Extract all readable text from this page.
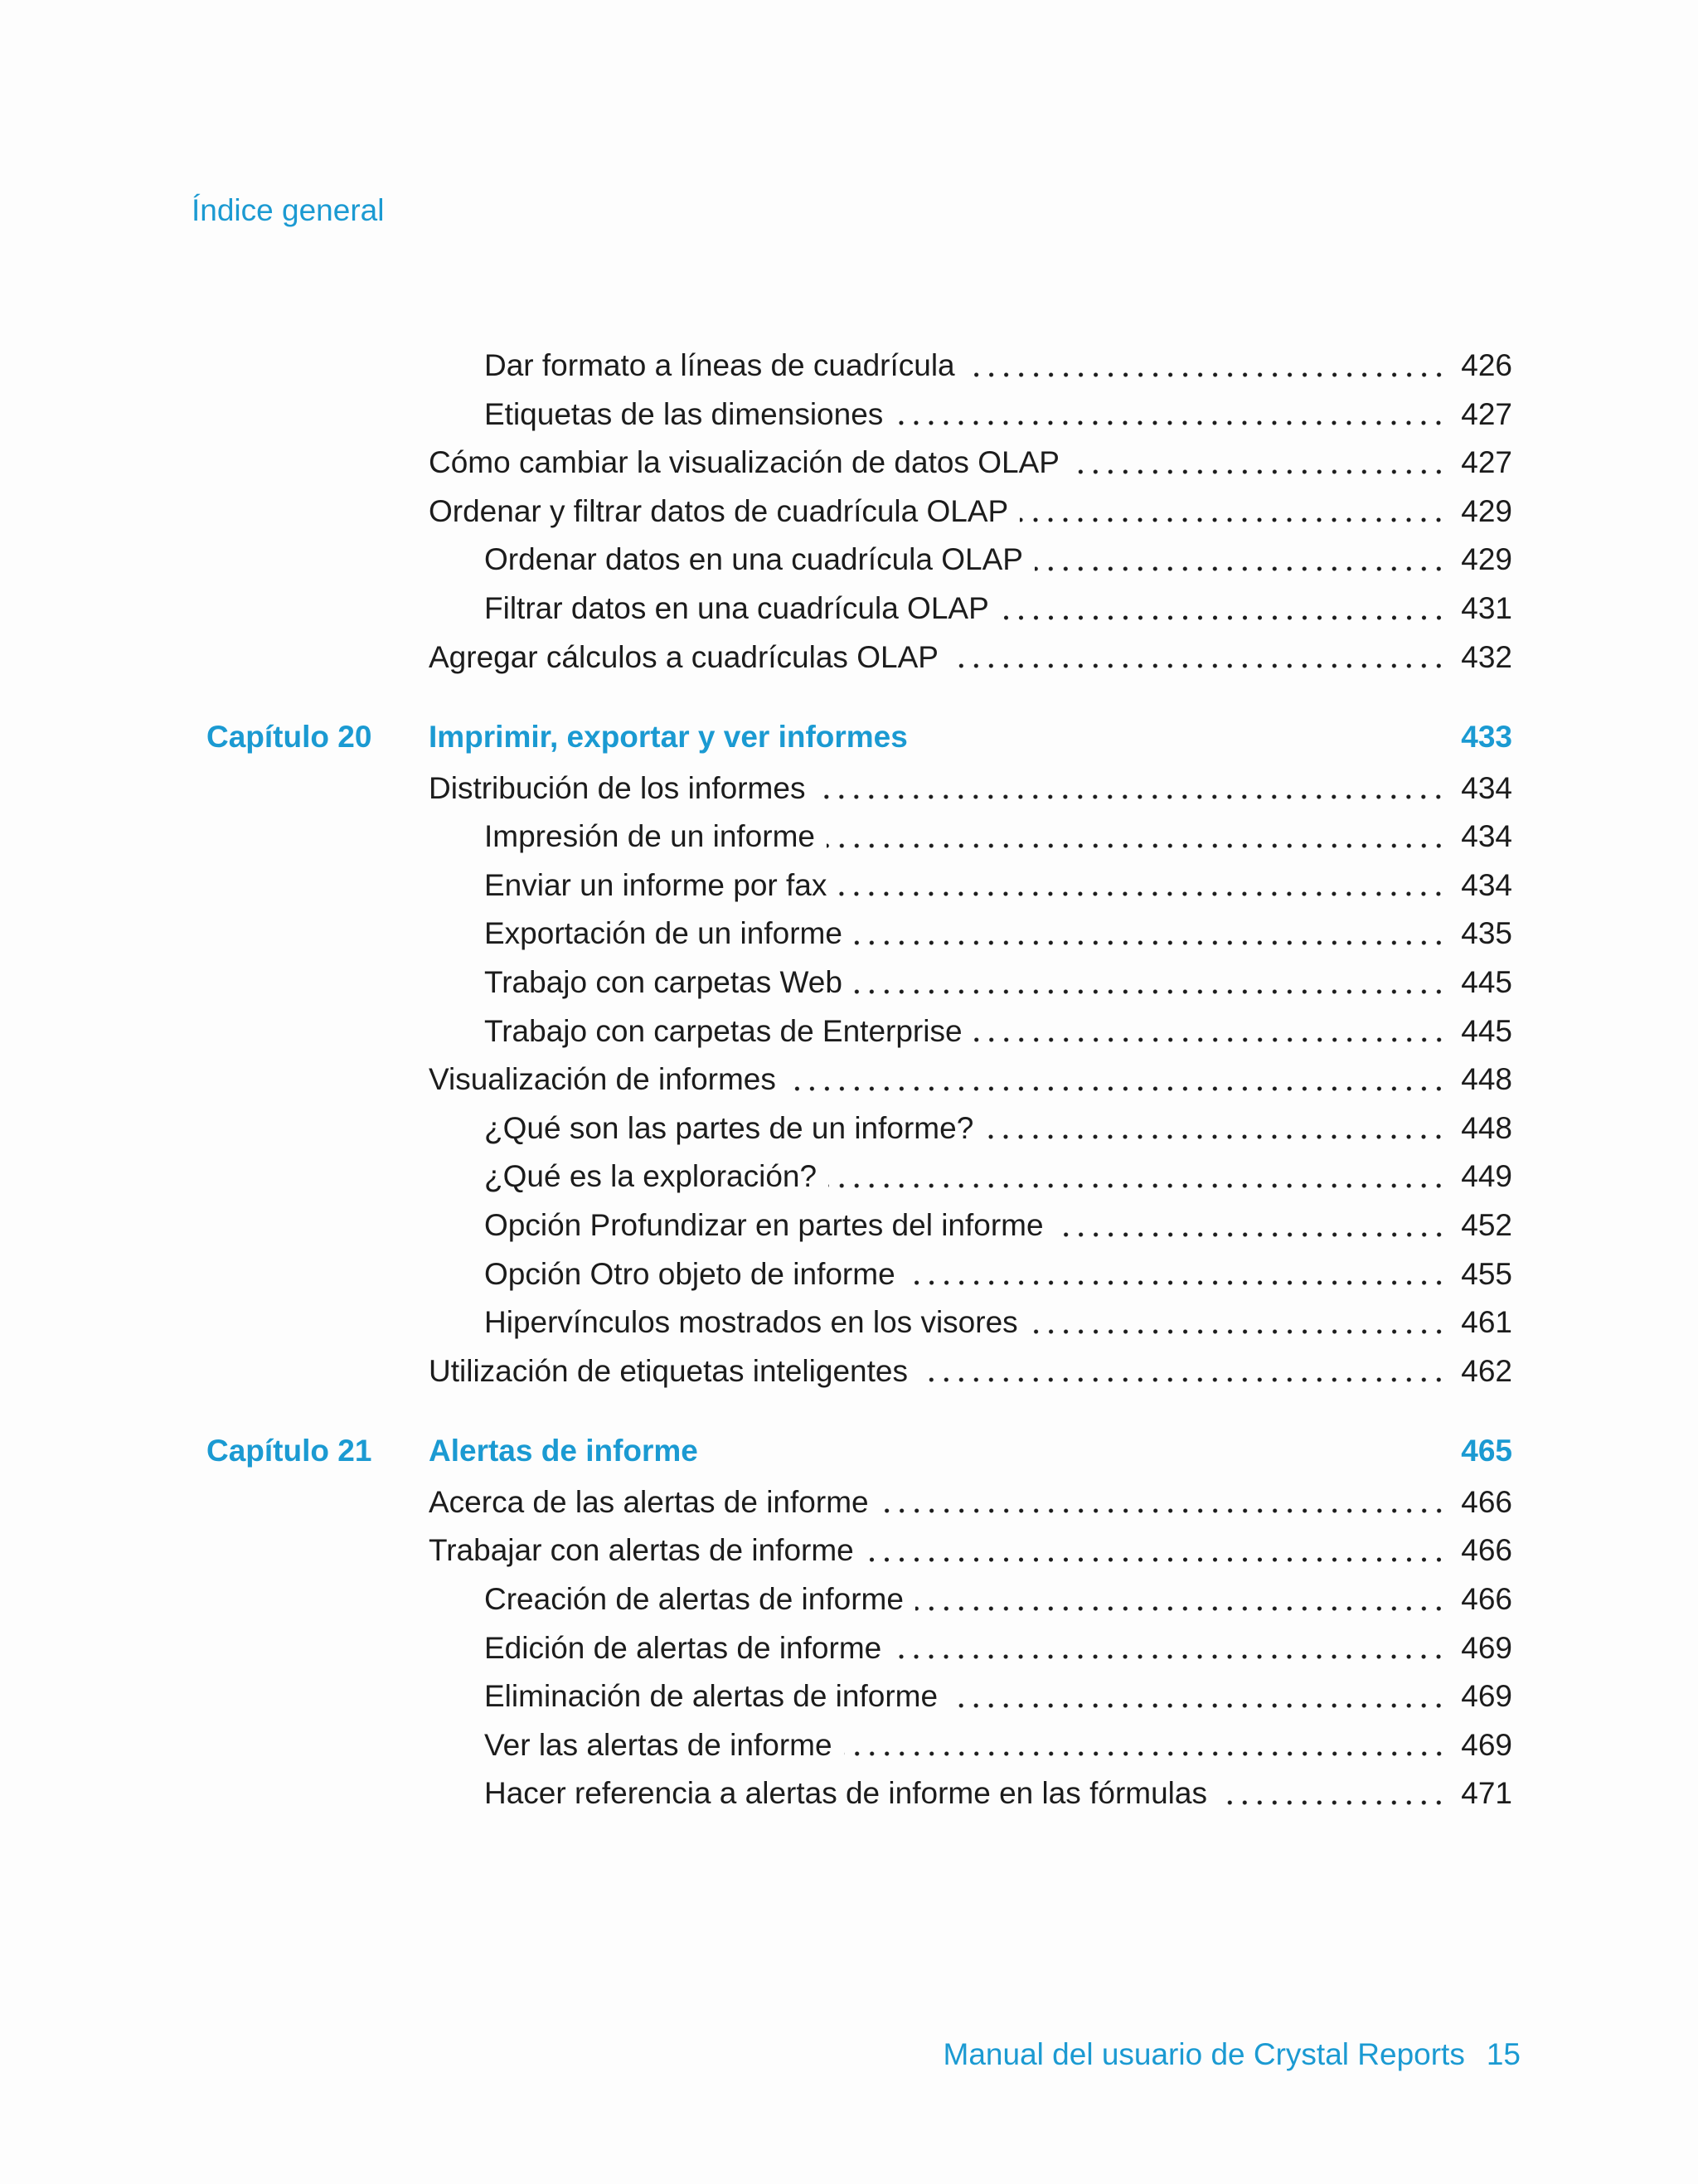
Índice general
Dar formato a líneas de cuadrícula	426
Etiquetas de las dimensiones	427
Cómo cambiar la visualización de datos OLAP	427
Ordenar y filtrar datos de cuadrícula OLAP	429
Ordenar datos en una cuadrícula OLAP	429
Filtrar datos en una cuadrícula OLAP	431
Agregar cálculos a cuadrículas OLAP	432
Capítulo 20	Imprimir, exportar y ver informes	433
Distribución de los informes	434
Impresión de un informe	434
Enviar un informe por fax	434
Exportación de un informe	435
Trabajo con carpetas Web	445
Trabajo con carpetas de Enterprise	445
Visualización de informes	448
¿Qué son las partes de un informe?	448
¿Qué es la exploración?	449
Opción Profundizar en partes del informe	452
Opción Otro objeto de informe	455
Hipervínculos mostrados en los visores	461
Utilización de etiquetas inteligentes	462
Capítulo 21	Alertas de informe	465
Acerca de las alertas de informe	466
Trabajar con alertas de informe	466
Creación de alertas de informe	466
Edición de alertas de informe	469
Eliminación de alertas de informe	469
Ver las alertas de informe	469
Hacer referencia a alertas de informe en las fórmulas	471
Manual del usuario de Crystal Reports 15
